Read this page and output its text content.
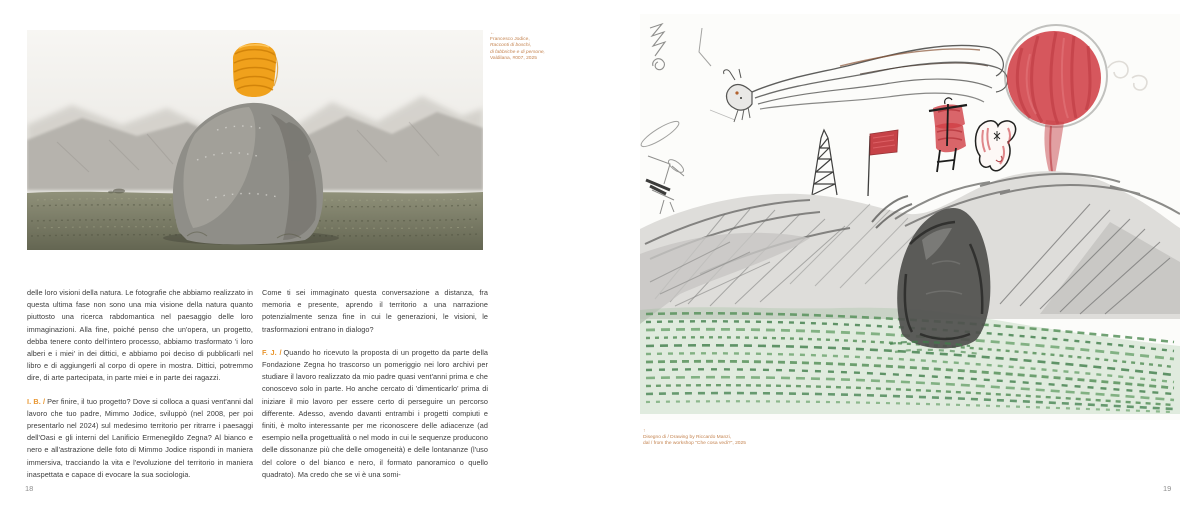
←
Francesco Jodice,
Racconti di boschi,
di fabbriche e di persone,
Valdilana, #007, 2025

delle loro visioni della natura. Le fotografie che abbiamo realizzato in questa ultima fase non sono una mia visione della natura quanto piuttosto una ricerca rabdomantica nel paesaggio delle loro immaginazioni. Alla fine, poiché penso che un'opera, un progetto, debba tenere conto dell'intero processo, abbiamo trasformato 'i loro alberi e i miei' in dei dittici, e abbiamo poi deciso di pubblicarli nel libro e di aggiungerli al corpo di opere in mostra. Dittici, potremmo dire, di arte partecipata, in parte miei e in parte dei ragazzi.

I. B. / Per finire, il tuo progetto? Dove si colloca a quasi vent'anni dal lavoro che tuo padre, Mimmo Jodice, sviluppò (nel 2008, per poi presentarlo nel 2024) sul medesimo territorio per ritrarre i paesaggi dell'Oasi e gli interni del Lanificio Ermenegildo Zegna? Al bianco e nero e all'astrazione delle foto di Mimmo Jodice rispondi in maniera immersiva, tracciando la vita e l'evoluzione del territorio in maniera inaspettata e capace di evocare la sua sociologia.

Come ti sei immaginato questa conversazione a distanza, fra memoria e presente, aprendo il territorio a una narrazione potenzialmente senza fine in cui le generazioni, le visioni, le trasformazioni entrano in dialogo?

F. J. / Quando ho ricevuto la proposta di un progetto da parte della Fondazione Zegna ho trascorso un pomeriggio nei loro archivi per studiare il lavoro realizzato da mio padre quasi vent'anni prima e che conoscevo solo in parte. Ho anche cercato di 'dimenticarlo' prima di iniziare il mio lavoro per essere certo di perseguire un percorso differente. Adesso, avendo davanti entrambi i progetti compiuti e finiti, è molto interessante per me riconoscere delle adiacenze (ad esempio nella progettualità o nel modo in cui le sequenze producono delle dissonanze più che delle omogeneità) e delle lontananze (l'uso del colore o del bianco e nero, il formato panoramico o quello quadrato). Ma credo che se vi è una somi-

18
↑
Disegno di / Drawing by Riccardo Manzi,
dal / from the workshop "Che cosa vedi?", 2025
19
